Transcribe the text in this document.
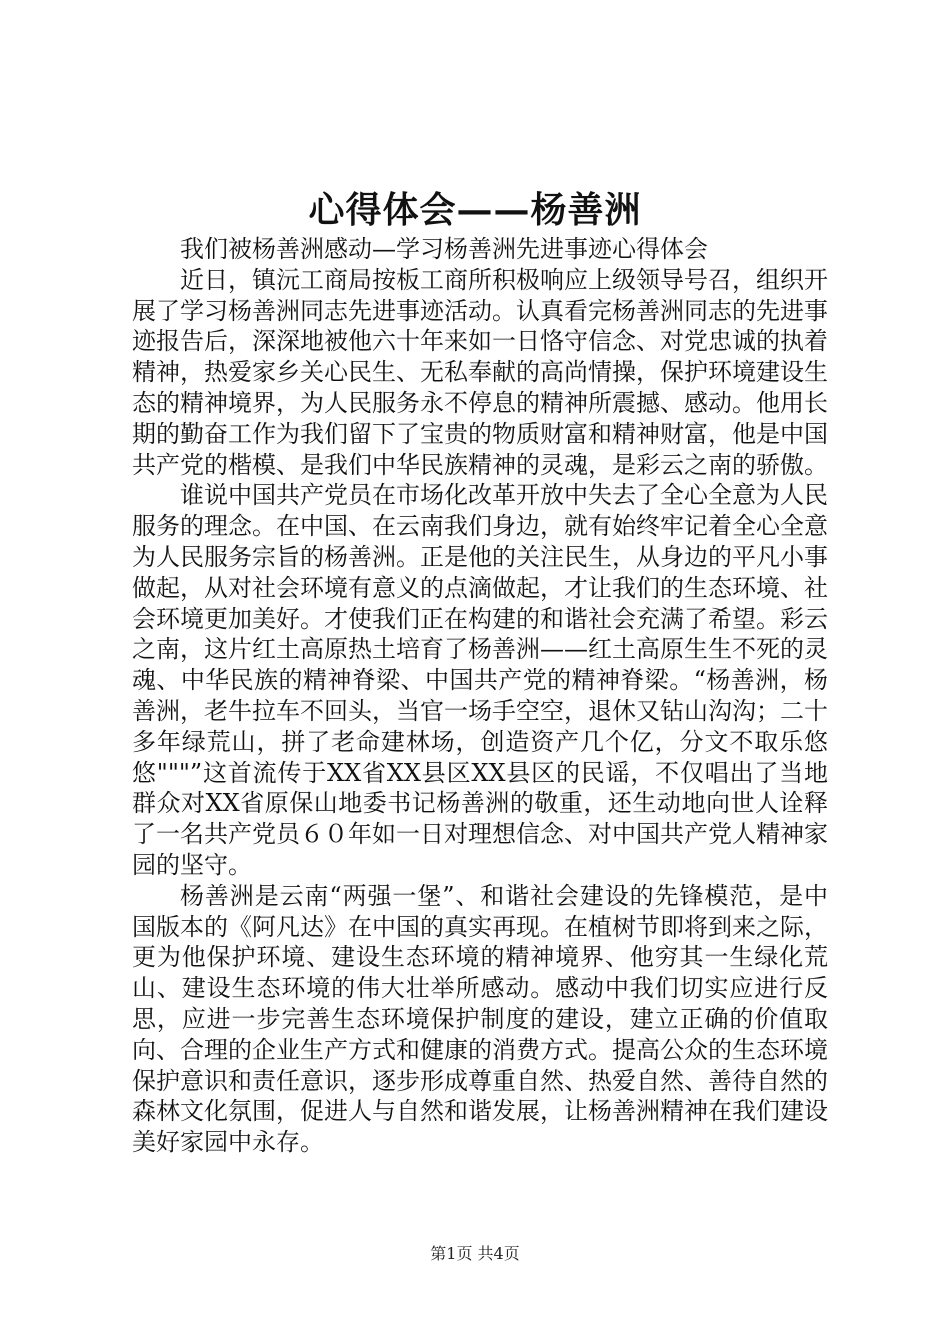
心得体会——杨善洲

我们被杨善洲感动—学习杨善洲先进事迹心得体会

近日，镇沅工商局按板工商所积极响应上级领导号召，组织开展了学习杨善洲同志先进事迹活动。认真看完杨善洲同志的先进事迹报告后，深深地被他六十年来如一日恪守信念、对党忠诚的执着精神，热爱家乡关心民生、无私奉献的高尚情操，保护环境建设生态的精神境界，为人民服务永不停息的精神所震撼、感动。他用长期的勤奋工作为我们留下了宝贵的物质财富和精神财富，他是中国共产党的楷模、是我们中华民族精神的灵魂，是彩云之南的骄傲。

谁说中国共产党员在市场化改革开放中失去了全心全意为人民服务的理念。在中国、在云南我们身边，就有始终牢记着全心全意为人民服务宗旨的杨善洲。正是他的关注民生，从身边的平凡小事做起，从对社会环境有意义的点滴做起，才让我们的生态环境、社会环境更加美好。才使我们正在构建的和谐社会充满了希望。彩云之南，这片红土高原热土培育了杨善洲——红土高原生生不死的灵魂、中华民族的精神脊梁、中国共产党的精神脊梁。“杨善洲，杨善洲，老牛拉车不回头，当官一场手空空，退休又钻山沟沟；二十多年绿荒山，拼了老命建林场，创造资产几个亿，分文不取乐悠悠"""”这首流传于XX省XX县区XX县区的民谣，不仅唱出了当地群众对XX省原保山地委书记杨善洲的敬重，还生动地向世人诠释了一名共产党员６０年如一日对理想信念、对中国共产党人精神家园的坚守。

杨善洲是云南“两强一堡”、和谐社会建设的先锋模范，是中国版本的《阿凡达》在中国的真实再现。在植树节即将到来之际，更为他保护环境、建设生态环境的精神境界、他穷其一生绿化荒山、建设生态环境的伟大壮举所感动。感动中我们切实应进行反思，应进一步完善生态环境保护制度的建设，建立正确的价值取向、合理的企业生产方式和健康的消费方式。提高公众的生态环境保护意识和责任意识，逐步形成尊重自然、热爱自然、善待自然的森林文化氛围，促进人与自然和谐发展，让杨善洲精神在我们建设美好家园中永存。

第1页 共4页
